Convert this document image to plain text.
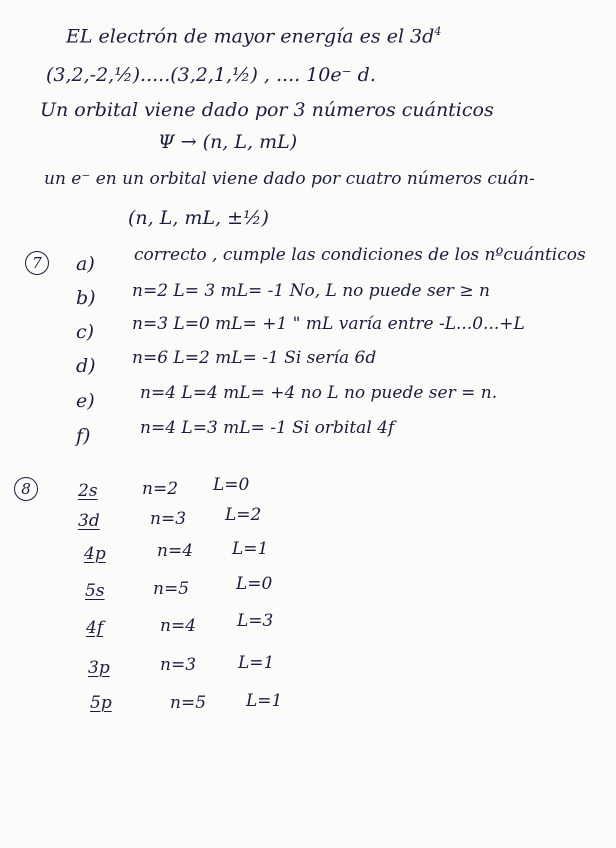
EL electrón de mayor energía es el $3d^4$
(3,2,-2,½).....(3,2,1,½) , .... 10e⁻ d.
Un orbital viene dado por 3 números cuánticos
Ψ → (n, L, mL)
un e⁻ en un orbital viene dado por cuatro números cuán-
(n, L, mL, ±½)
7	a) correcto , cumple las condiciones de los nºcuánticos
b) n=2 L= 3 mL= -1 No, L no puede ser ≥ n
c) n=3 L=0 mL= +1 " mL varía entre -L...0...+L
d) n=6 L=2 mL= -1 Si sería 6d
e)	n=4 L=4 mL= +4 no L no puede ser = n.
f)	n=4 L=3 mL= -1 Si orbital 4f
8	2s	n=2 L=0
3d	n=3 L=2
4p	n=4 L=1
5s	n=5	L=0
4f	n=4 L=3
3p	n=3 L=1
5p	n=5 L=1
